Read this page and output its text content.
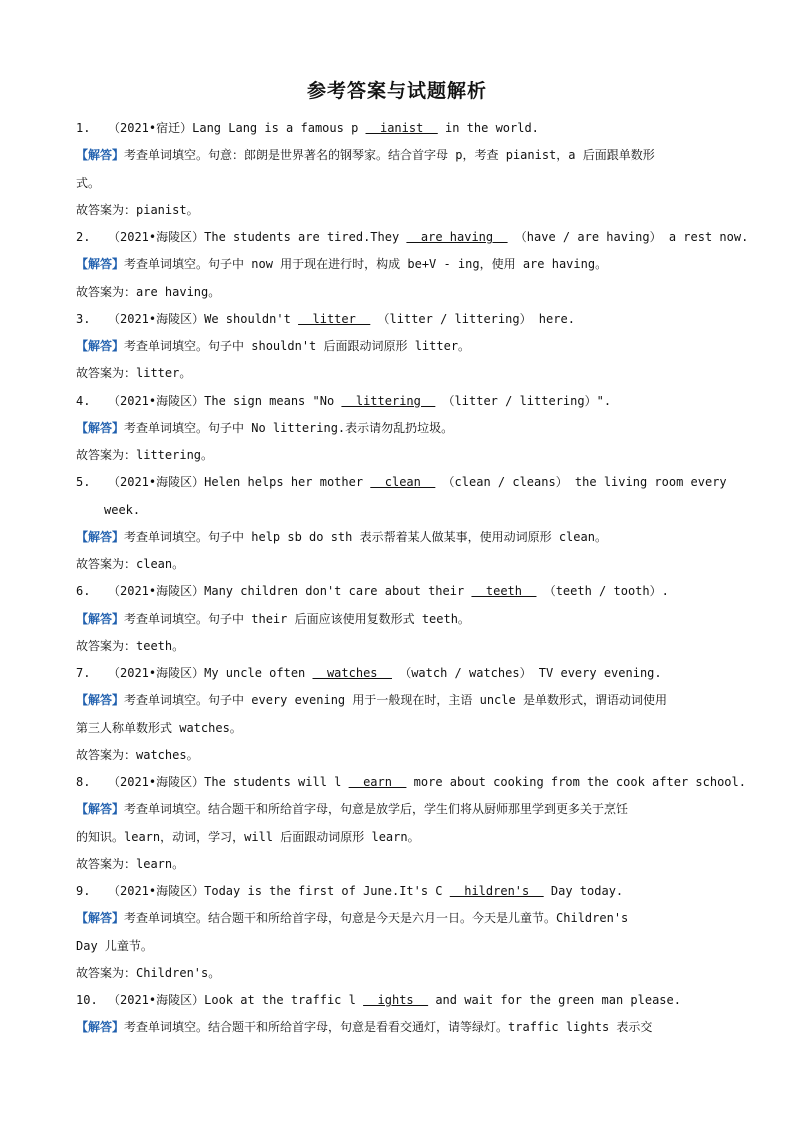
参考答案与试题解析
1. （2021•宿迁）Lang Lang is a famous p   ianist   in the world.
【解答】考查单词填空。句意：郎朗是世界著名的钢琴家。结合首字母 p，考查 pianist，a 后面跟单数形
式。
故答案为：pianist。
2. （2021•海陵区）The students are tired.They   are having   （have / are having） a rest now.
【解答】考查单词填空。句子中 now 用于现在进行时，构成 be+V - ing，使用 are having。
故答案为：are having。
3. （2021•海陵区）We shouldn't   litter   （litter / littering） here.
【解答】考查单词填空。句子中 shouldn't 后面跟动词原形 litter。
故答案为：litter。
4. （2021•海陵区）The sign means "No   littering   （litter / littering）".
【解答】考查单词填空。句子中 No littering.表示请勿乱扔垃圾。
故答案为：littering。
5. （2021•海陵区）Helen helps her mother   clean   （clean / cleans） the living room every
week.
【解答】考查单词填空。句子中 help sb do sth 表示帮着某人做某事，使用动词原形 clean。
故答案为：clean。
6. （2021•海陵区）Many children don't care about their   teeth   （teeth / tooth）.
【解答】考查单词填空。句子中 their 后面应该使用复数形式 teeth。
故答案为：teeth。
7. （2021•海陵区）My uncle often   watches   （watch / watches） TV every evening.
【解答】考查单词填空。句子中 every evening 用于一般现在时，主语 uncle 是单数形式，谓语动词使用
第三人称单数形式 watches。
故答案为：watches。
8. （2021•海陵区）The students will l   earn   more about cooking from the cook after school.
【解答】考查单词填空。结合题干和所给首字母，句意是放学后，学生们将从厨师那里学到更多关于烹饪
的知识。learn，动词，学习，will 后面跟动词原形 learn。
故答案为：learn。
9. （2021•海陵区）Today is the first of June.It's C   hildren's   Day today.
【解答】考查单词填空。结合题干和所给首字母，句意是今天是六月一日。今天是儿童节。Children's
Day 儿童节。
故答案为：Children's。
10. （2021•海陵区）Look at the traffic l   ights   and wait for the green man please.
【解答】考查单词填空。结合题干和所给首字母，句意是看看交通灯，请等绿灯。traffic lights 表示交
